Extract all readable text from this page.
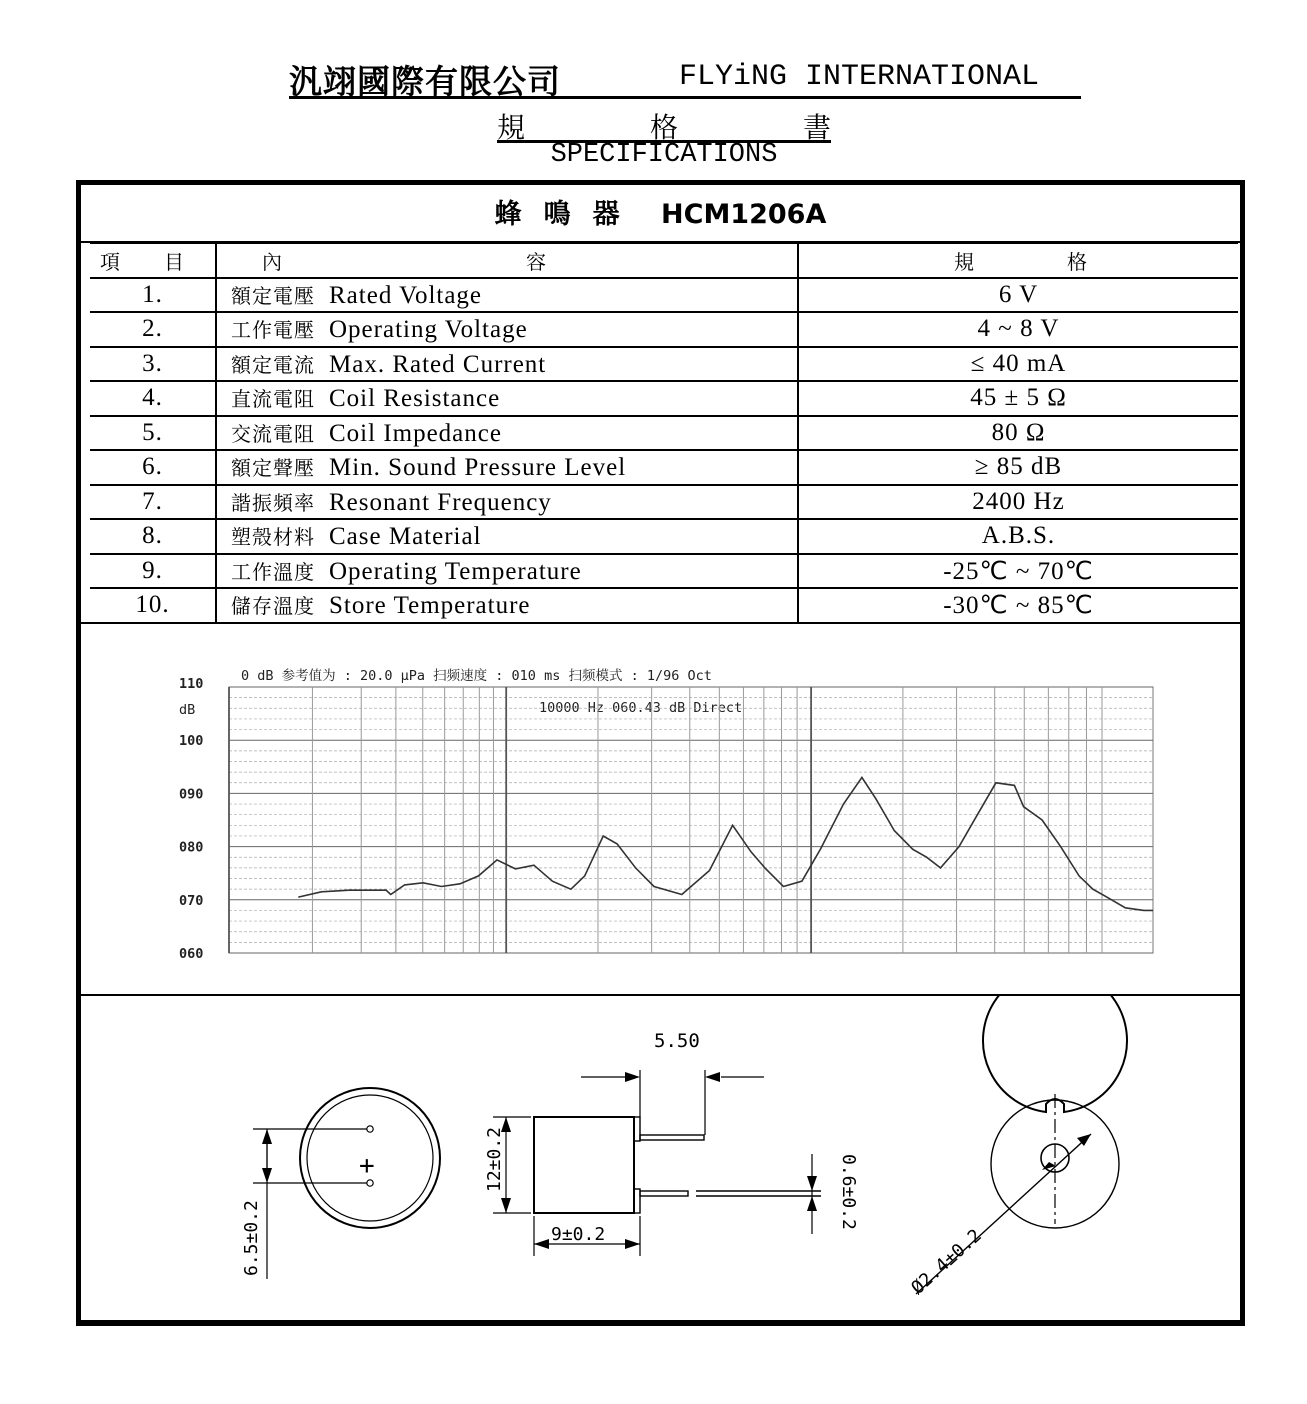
汎翊國際有限公司	FLYiNG INTERNATIONAL
規	格	書
SPECIFICATIONS
蜂鳴器 HCM1206A
項 目	內 容	規 格

1.	額定電壓 Rated Voltage	6 V
2.	工作電壓 Operating Voltage	4 ~ 8 V
3.	額定電流 Max. Rated Current	≤ 40 mA
4.	直流電阻 Coil Resistance	45 ± 5 Ω
5.	交流電阻 Coil Impedance	80 Ω
6.	額定聲壓 Min. Sound Pressure Level	≥ 85 dB
7.	諧振頻率 Resonant Frequency	2400 Hz
8.	塑殼材料 Case Material	A.B.S.
9.	工作溫度 Operating Temperature	-25℃ ~ 70℃
10.	儲存溫度 Store Temperature	-30℃ ~ 85℃
0 dB 参考值为 : 20.0 μPa 扫频速度 : 010 ms 扫频模式 : 1/96 Oct
10000 Hz 060.43 dB Direct
dB
110
100
090
080
070
060
+
6.5±0.2
5.50
12±0.2
9±0.2
0.6±0.2
Ø2.4±0.2
